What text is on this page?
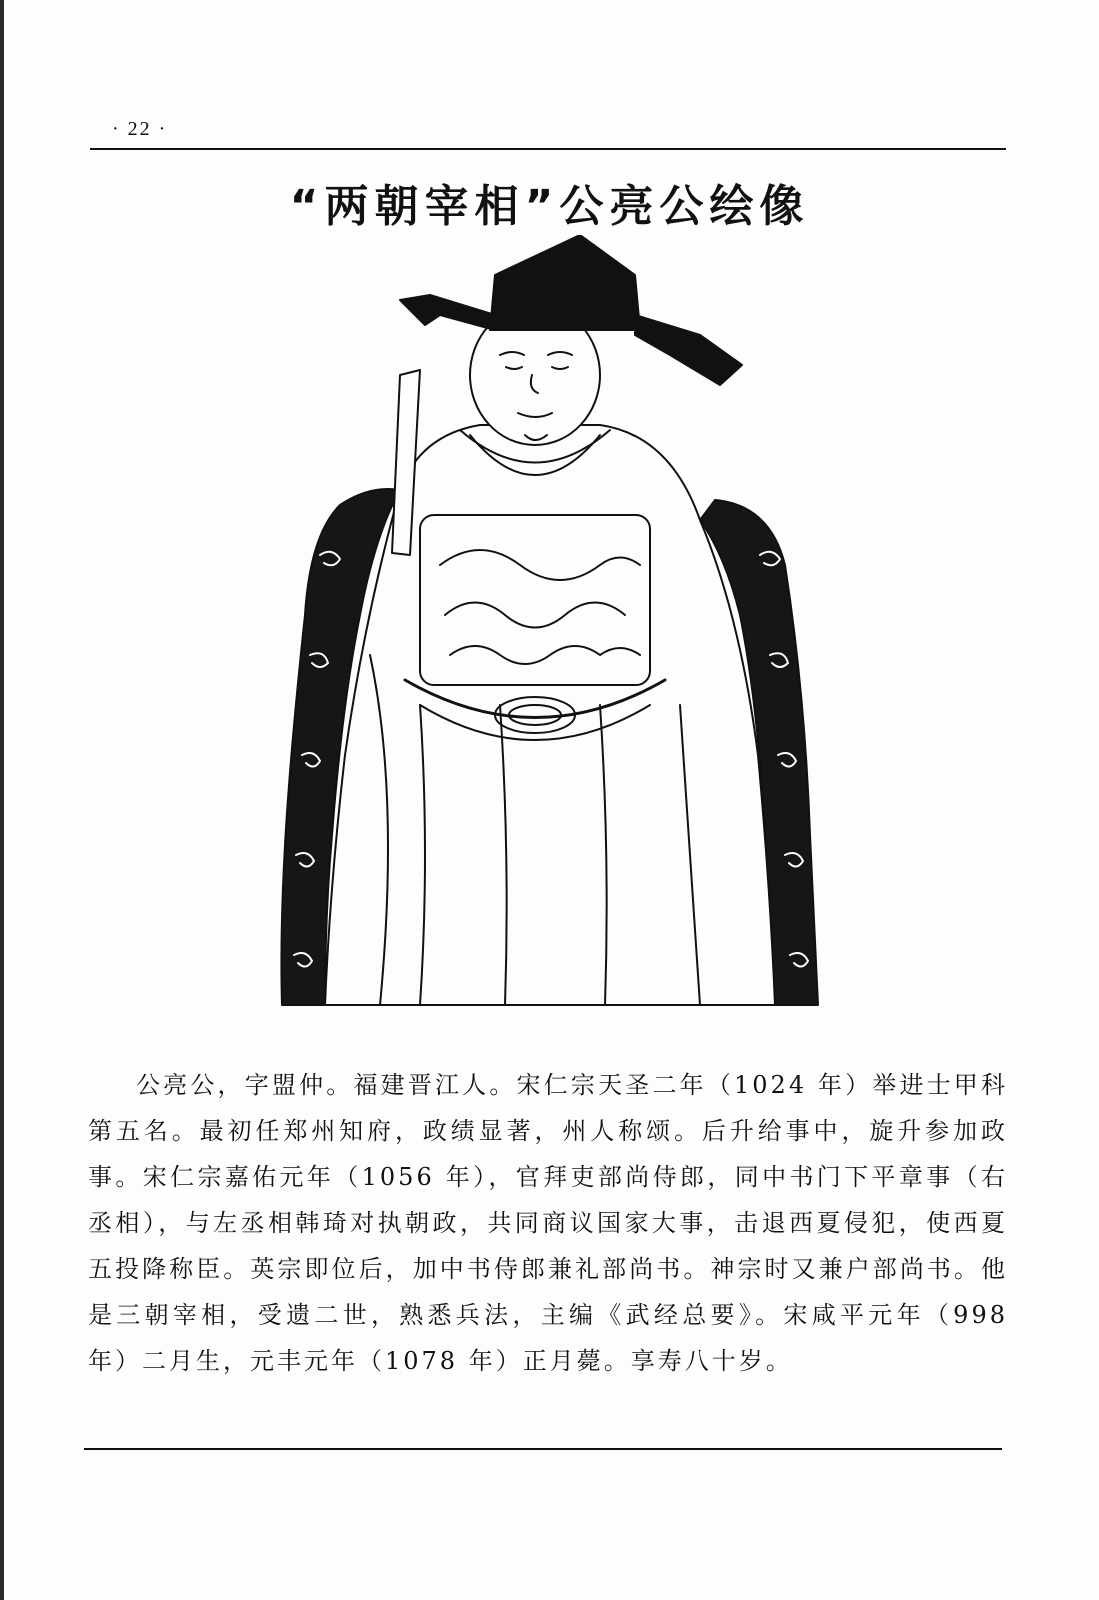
· 22 ·
“两朝宰相”公亮公绘像

公亮公，字盟仲。福建晋江人。宋仁宗天圣二年（1024 年）举进士甲科第五名。最初任郑州知府，政绩显著，州人称颂。后升给事中，旋升参加政事。宋仁宗嘉佑元年（1056 年），官拜吏部尚侍郎，同中书门下平章事（右丞相），与左丞相韩琦对执朝政，共同商议国家大事，击退西夏侵犯，使西夏五投降称臣。英宗即位后，加中书侍郎兼礼部尚书。神宗时又兼户部尚书。他是三朝宰相，受遗二世，熟悉兵法，主编《武经总要》。宋咸平元年（998 年）二月生，元丰元年（1078 年）正月薨。享寿八十岁。
